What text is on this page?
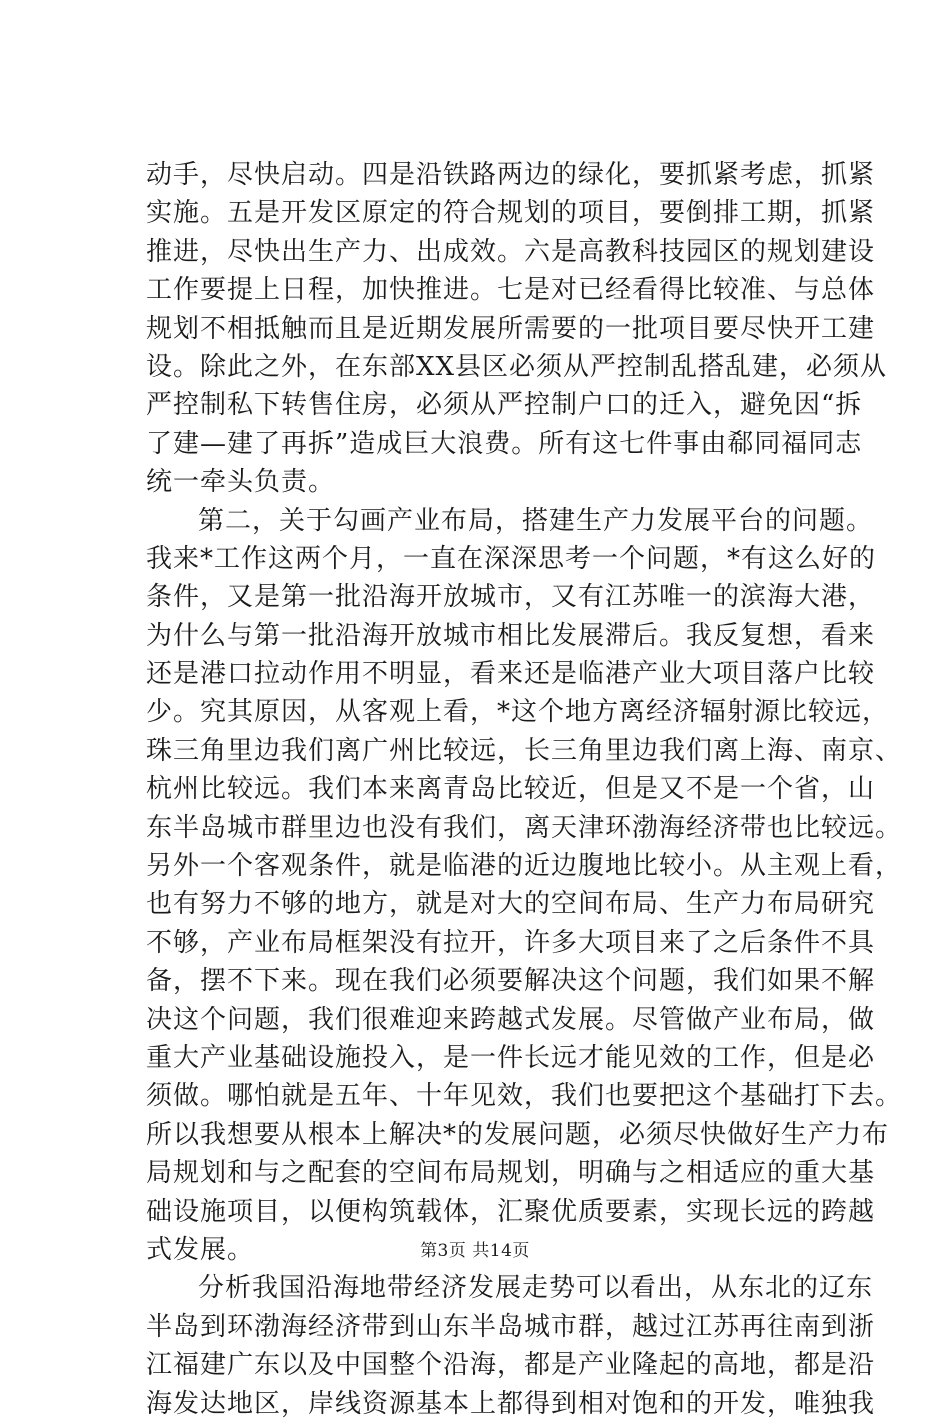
动手，尽快启动。四是沿铁路两边的绿化，要抓紧考虑，抓紧
实施。五是开发区原定的符合规划的项目，要倒排工期，抓紧
推进，尽快出生产力、出成效。六是高教科技园区的规划建设
工作要提上日程，加快推进。七是对已经看得比较准、与总体
规划不相抵触而且是近期发展所需要的一批项目要尽快开工建
设。除此之外，在东部XX县区必须从严控制乱搭乱建，必须从
严控制私下转售住房，必须从严控制户口的迁入，避免因“拆
了建—建了再拆”造成巨大浪费。所有这七件事由郗同福同志
统一牵头负责。
第二，关于勾画产业布局，搭建生产力发展平台的问题。
我来*工作这两个月，一直在深深思考一个问题，*有这么好的
条件，又是第一批沿海开放城市，又有江苏唯一的滨海大港，
为什么与第一批沿海开放城市相比发展滞后。我反复想，看来
还是港口拉动作用不明显，看来还是临港产业大项目落户比较
少。究其原因，从客观上看，*这个地方离经济辐射源比较远，
珠三角里边我们离广州比较远，长三角里边我们离上海、南京、
杭州比较远。我们本来离青岛比较近，但是又不是一个省，山
东半岛城市群里边也没有我们，离天津环渤海经济带也比较远。
另外一个客观条件，就是临港的近边腹地比较小。从主观上看，
也有努力不够的地方，就是对大的空间布局、生产力布局研究
不够，产业布局框架没有拉开，许多大项目来了之后条件不具
备，摆不下来。现在我们必须要解决这个问题，我们如果不解
决这个问题，我们很难迎来跨越式发展。尽管做产业布局，做
重大产业基础设施投入，是一件长远才能见效的工作，但是必
须做。哪怕就是五年、十年见效，我们也要把这个基础打下去。
所以我想要从根本上解决*的发展问题，必须尽快做好生产力布
局规划和与之配套的空间布局规划，明确与之相适应的重大基
础设施项目，以便构筑载体，汇聚优质要素，实现长远的跨越
式发展。
分析我国沿海地带经济发展走势可以看出，从东北的辽东
半岛到环渤海经济带到山东半岛城市群，越过江苏再往南到浙
江福建广东以及中国整个沿海，都是产业隆起的高地，都是沿
海发达地区，岸线资源基本上都得到相对饱和的开发，唯独我
第3页 共14页
